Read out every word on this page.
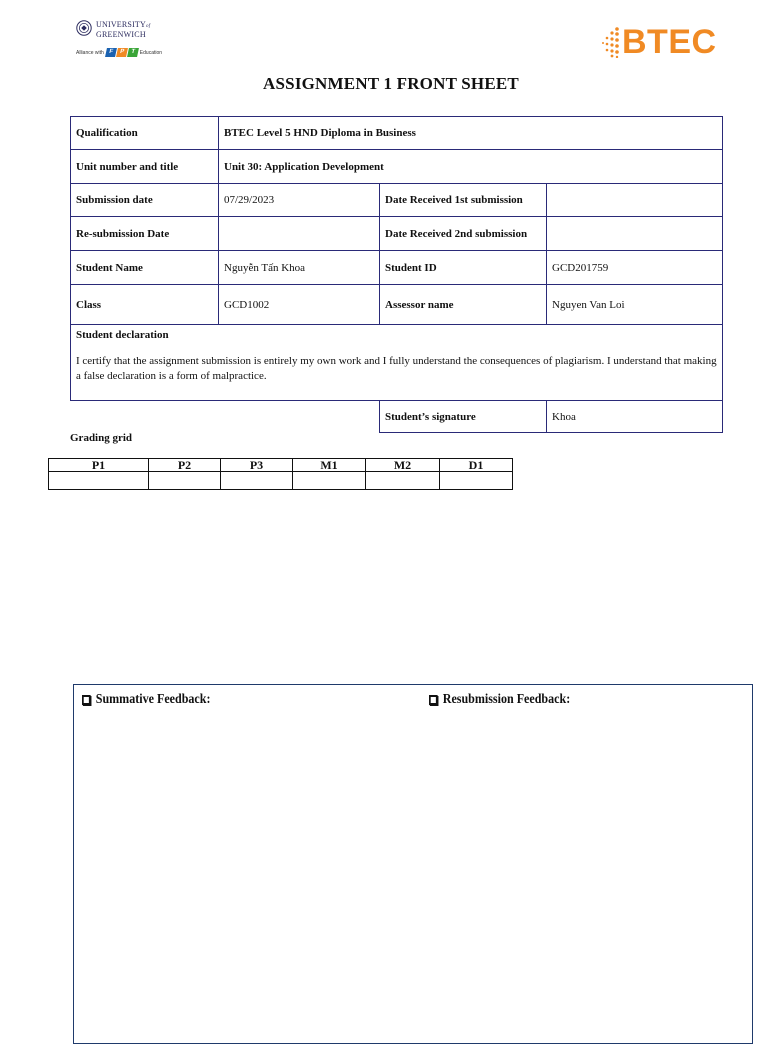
UNIVERSITYof
GREENWICH
Alliance with F P T Education	BTEC
ASSIGNMENT 1 FRONT SHEET
Qualification	BTEC Level 5 HND Diploma in Business		
Unit number and title	Unit 30: Application Development		
Submission date	07/29/2023	Date Received 1st submission	
Re-submission Date		Date Received 2nd submission	
Student Name	Nguyễn Tấn Khoa	Student ID	GCD201759
Class	GCD1002	Assessor name	Nguyen Van Loi

Student declaration
I certify that the assignment submission is entirely my own work and I fully understand the consequences of plagiarism. I understand that making a false declaration is a form of malpractice.			

		Student’s signature	Khoa
Grading grid
P1	P2	P3	M1	M2	D1

Summative Feedback:	Resubmission Feedback:
